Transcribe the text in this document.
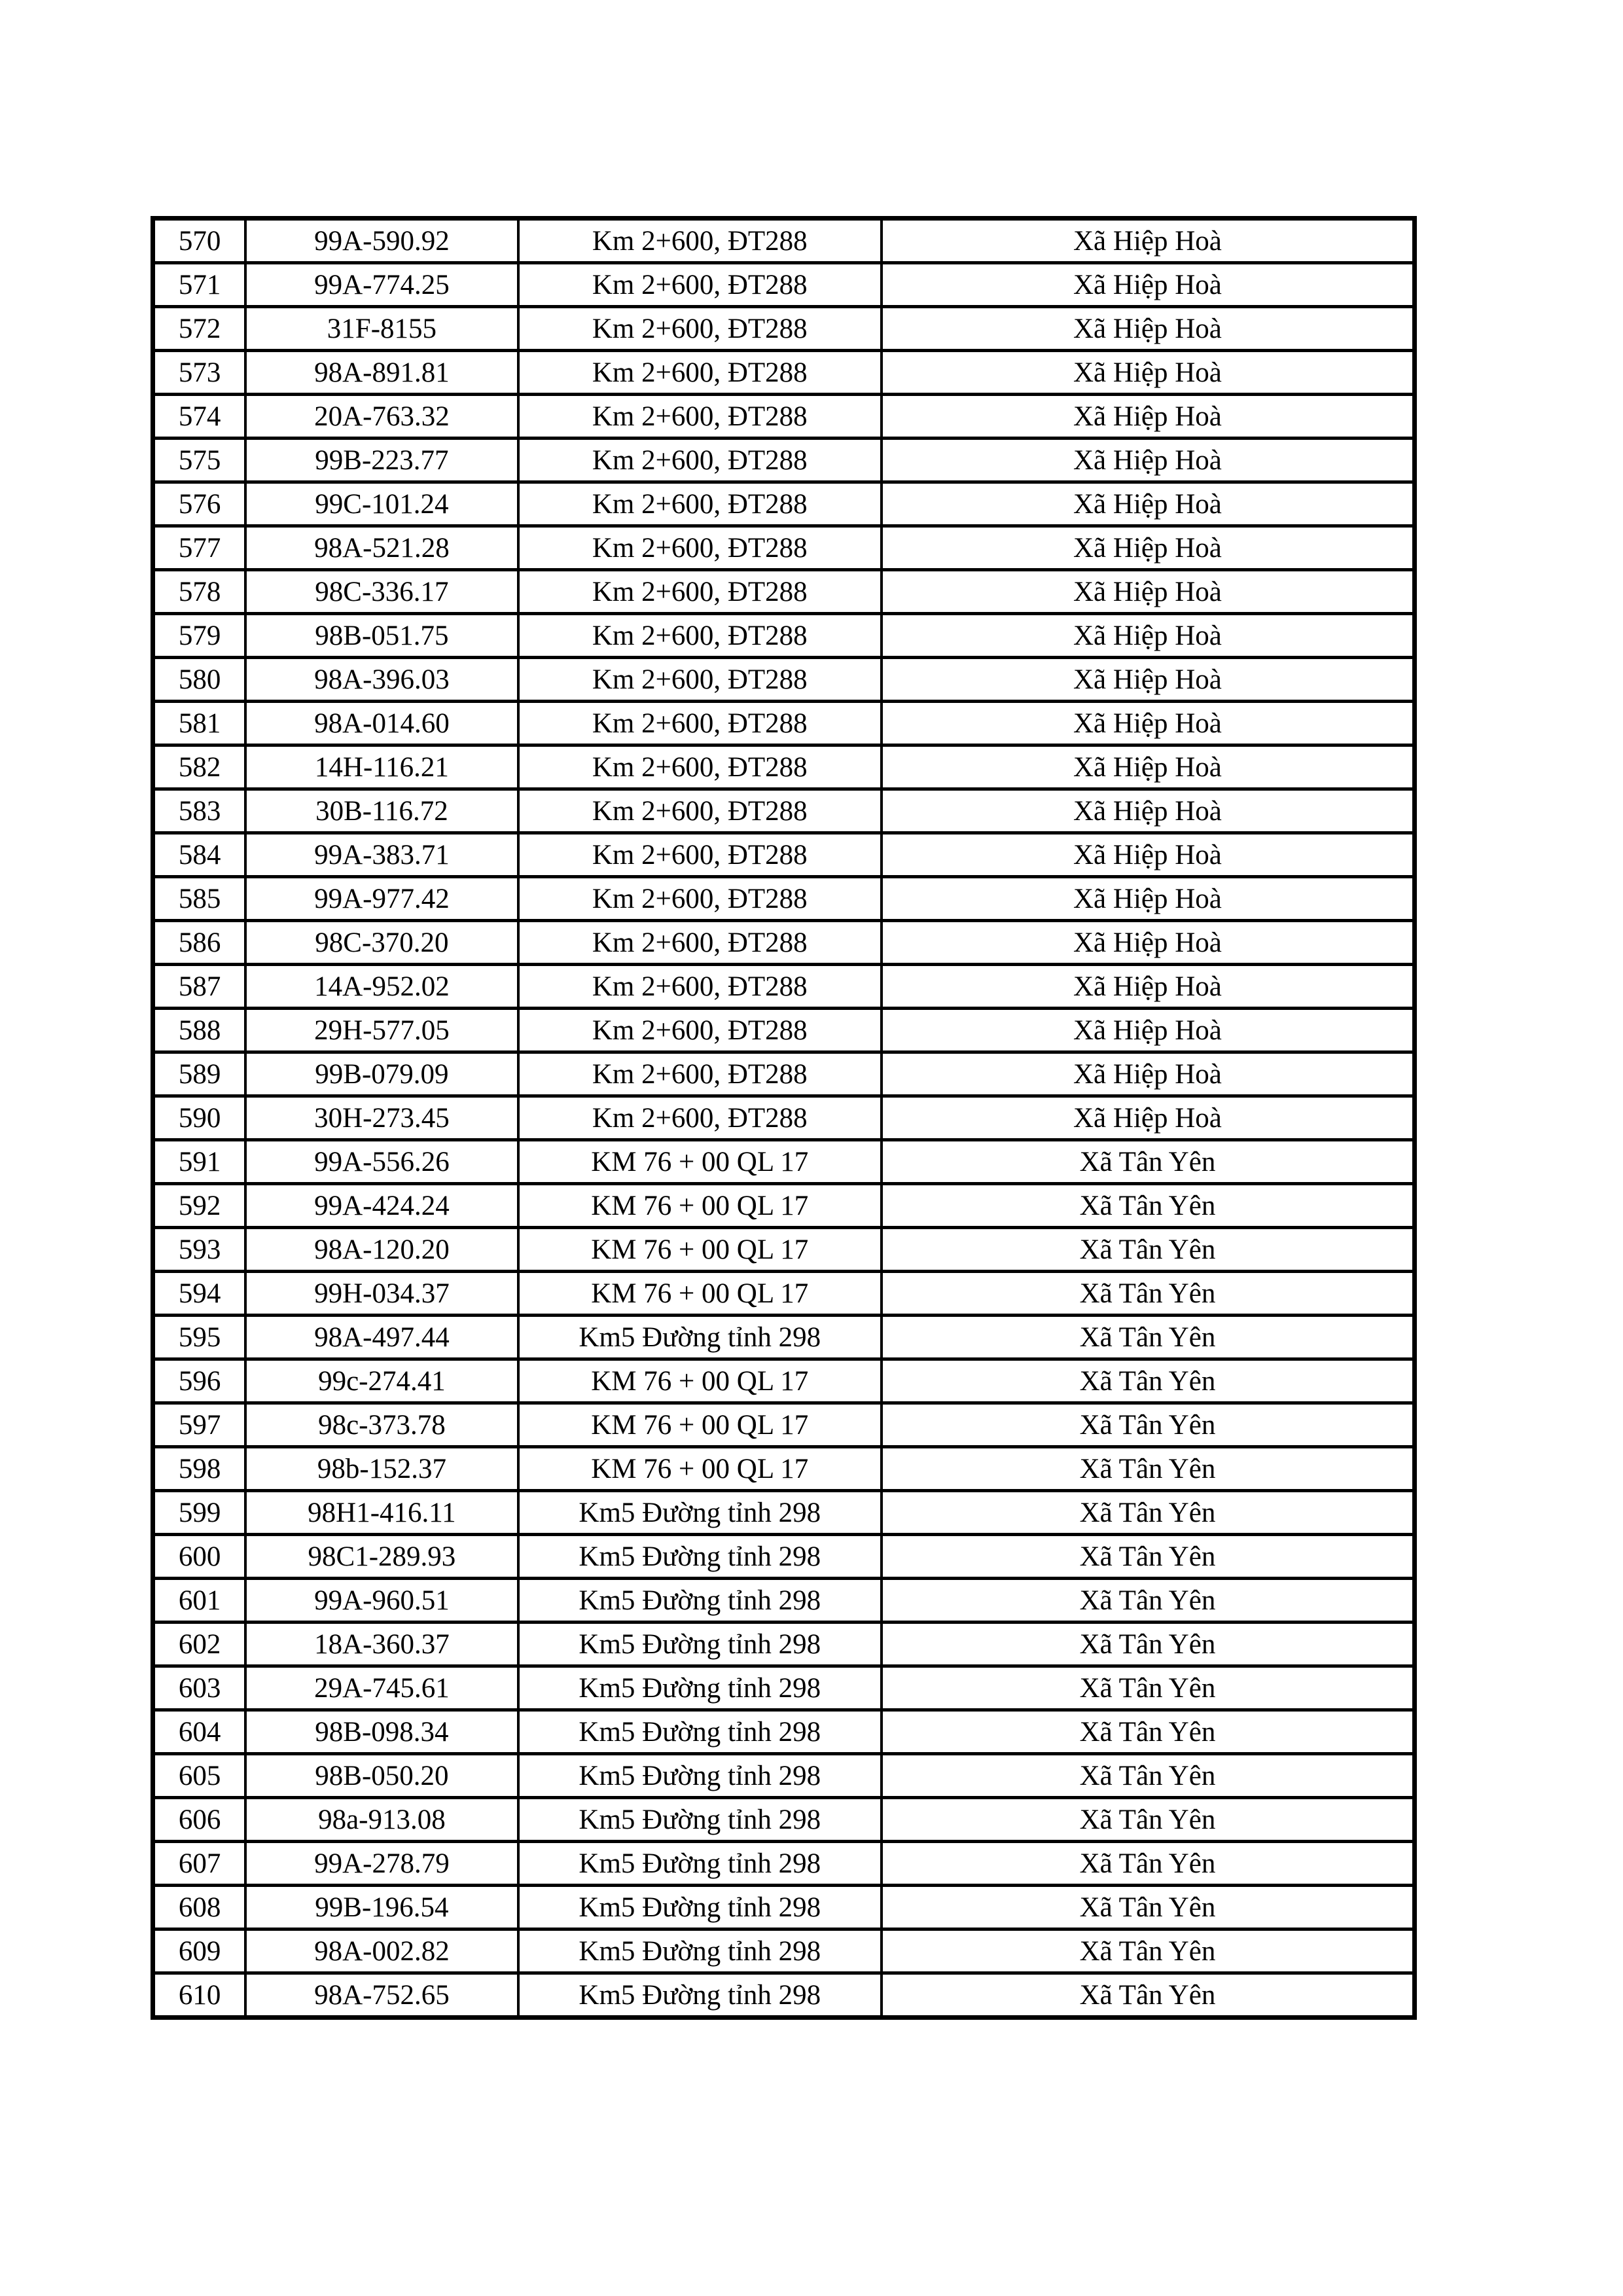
570	99A-590.92	Km 2+600, ĐT288	Xã Hiệp Hoà
571	99A-774.25	Km 2+600, ĐT288	Xã Hiệp Hoà
572	31F-8155	Km 2+600, ĐT288	Xã Hiệp Hoà
573	98A-891.81	Km 2+600, ĐT288	Xã Hiệp Hoà
574	20A-763.32	Km 2+600, ĐT288	Xã Hiệp Hoà
575	99B-223.77	Km 2+600, ĐT288	Xã Hiệp Hoà
576	99C-101.24	Km 2+600, ĐT288	Xã Hiệp Hoà
577	98A-521.28	Km 2+600, ĐT288	Xã Hiệp Hoà
578	98C-336.17	Km 2+600, ĐT288	Xã Hiệp Hoà
579	98B-051.75	Km 2+600, ĐT288	Xã Hiệp Hoà
580	98A-396.03	Km 2+600, ĐT288	Xã Hiệp Hoà
581	98A-014.60	Km 2+600, ĐT288	Xã Hiệp Hoà
582	14H-116.21	Km 2+600, ĐT288	Xã Hiệp Hoà
583	30B-116.72	Km 2+600, ĐT288	Xã Hiệp Hoà
584	99A-383.71	Km 2+600, ĐT288	Xã Hiệp Hoà
585	99A-977.42	Km 2+600, ĐT288	Xã Hiệp Hoà
586	98C-370.20	Km 2+600, ĐT288	Xã Hiệp Hoà
587	14A-952.02	Km 2+600, ĐT288	Xã Hiệp Hoà
588	29H-577.05	Km 2+600, ĐT288	Xã Hiệp Hoà
589	99B-079.09	Km 2+600, ĐT288	Xã Hiệp Hoà
590	30H-273.45	Km 2+600, ĐT288	Xã Hiệp Hoà
591	99A-556.26	KM 76 + 00 QL 17	Xã Tân Yên
592	99A-424.24	KM 76 + 00 QL 17	Xã Tân Yên
593	98A-120.20	KM 76 + 00 QL 17	Xã Tân Yên
594	99H-034.37	KM 76 + 00 QL 17	Xã Tân Yên
595	98A-497.44	Km5 Đường tỉnh 298	Xã Tân Yên
596	99c-274.41	KM 76 + 00 QL 17	Xã Tân Yên
597	98c-373.78	KM 76 + 00 QL 17	Xã Tân Yên
598	98b-152.37	KM 76 + 00 QL 17	Xã Tân Yên
599	98H1-416.11	Km5 Đường tỉnh 298	Xã Tân Yên
600	98C1-289.93	Km5 Đường tỉnh 298	Xã Tân Yên
601	99A-960.51	Km5 Đường tỉnh 298	Xã Tân Yên
602	18A-360.37	Km5 Đường tỉnh 298	Xã Tân Yên
603	29A-745.61	Km5 Đường tỉnh 298	Xã Tân Yên
604	98B-098.34	Km5 Đường tỉnh 298	Xã Tân Yên
605	98B-050.20	Km5 Đường tỉnh 298	Xã Tân Yên
606	98a-913.08	Km5 Đường tỉnh 298	Xã Tân Yên
607	99A-278.79	Km5 Đường tỉnh 298	Xã Tân Yên
608	99B-196.54	Km5 Đường tỉnh 298	Xã Tân Yên
609	98A-002.82	Km5 Đường tỉnh 298	Xã Tân Yên
610	98A-752.65	Km5 Đường tỉnh 298	Xã Tân Yên
